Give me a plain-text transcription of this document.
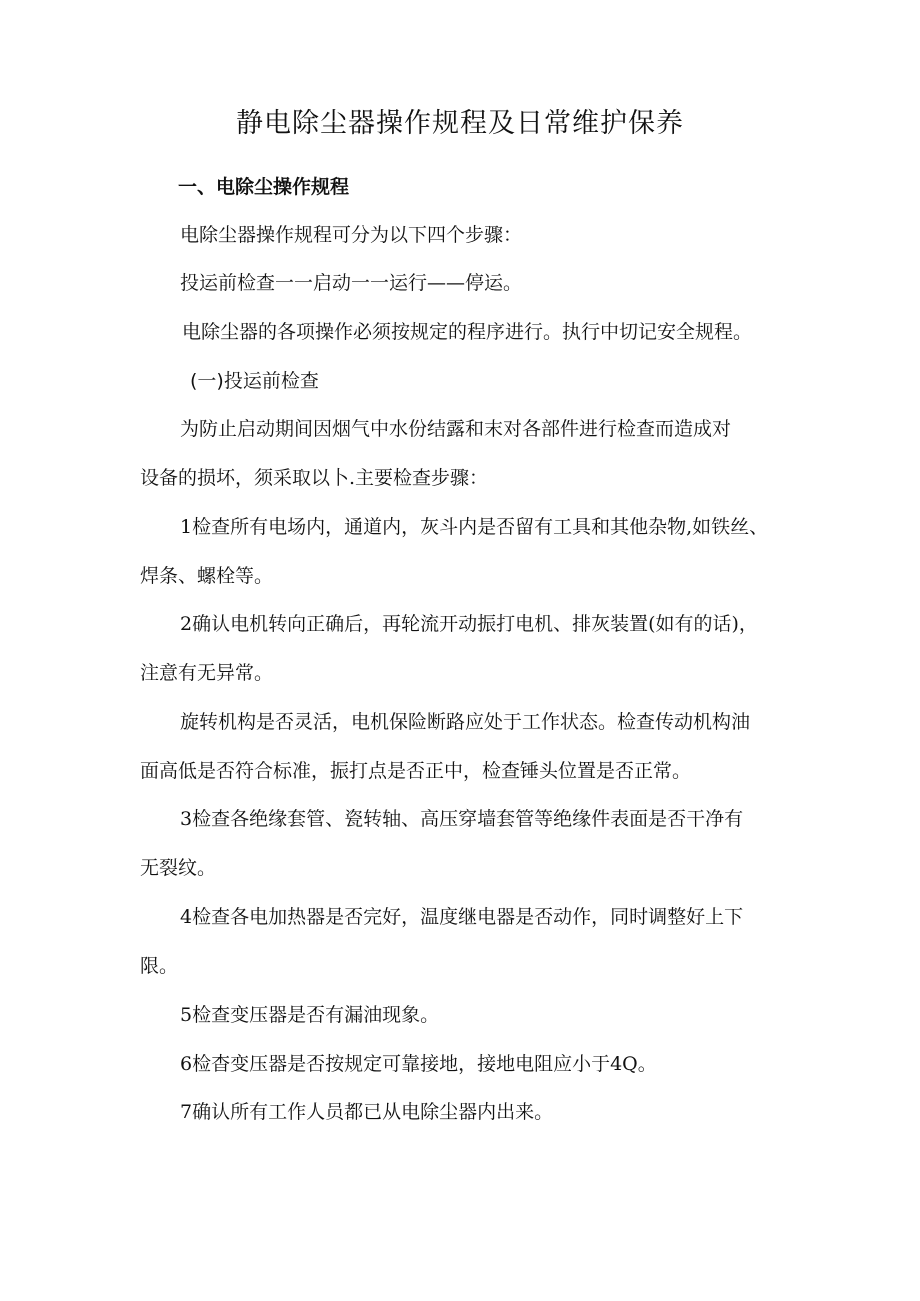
静电除尘器操作规程及日常维护保养
一、电除尘操作规程
电除尘器操作规程可分为以下四个步骤：
投运前检查一一启动一一运行——停运。
电除尘器的各项操作必须按规定的程序进行。执行中切记安全规程。
(一)投运前检查
为防止启动期间因烟气中水份结露和末对各部件进行检查而造成对
设备的损坏，须采取以卜.主要检查步骤：
1检查所有电场内，通道内，灰斗内是否留有工具和其他杂物,如铁丝、
焊条、螺栓等。
2确认电机转向正确后，再轮流开动振打电机、排灰装置(如有的话)，
注意有无异常。
旋转机构是否灵活，电机保险断路应处于工作状态。检查传动机构油
面高低是否符合标准，振打点是否正中，检查锤头位置是否正常。
3检查各绝缘套管、瓷转轴、高压穿墙套管等绝缘件表面是否干净有
无裂纹。
4检查各电加热器是否完好，温度继电器是否动作，同时调整好上下
限。
5检查变压器是否有漏油现象。
6检杳变压器是否按规定可靠接地，接地电阻应小于4Q。
7确认所有工作人员都已从电除尘器内出来。
